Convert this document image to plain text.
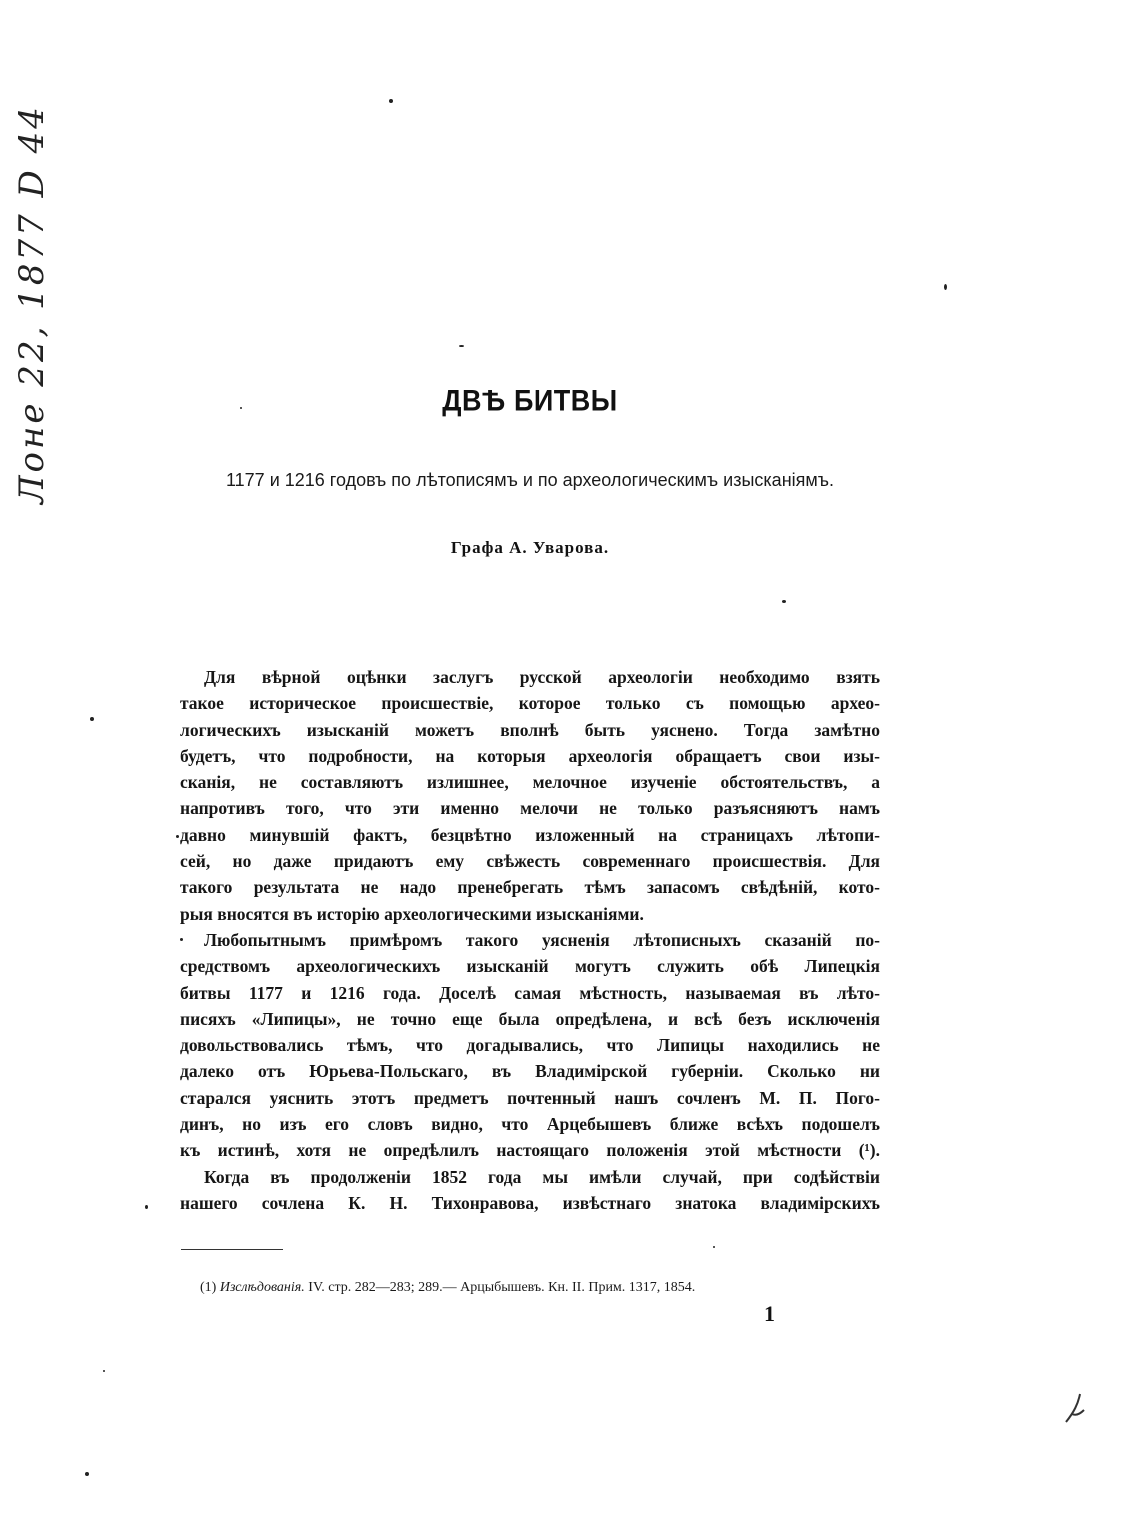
Лоне 22, 1877 D 44	ДВѢ БИТВЫ
1177 и 1216 годовъ по лѣтописямъ и по археологическимъ изысканіямъ.
Графа А. Уварова.
Для вѣрной оцѣнки заслугъ русской археологіи необходимо взять
такое историческое происшествіе, которое только съ помощью архео-
логическихъ изысканій можетъ вполнѣ быть уяснено. Тогда замѣтно
будетъ, что подробности, на которыя археологія обращаетъ свои изы-
сканія, не составляютъ излишнее, мелочное изученіе обстоятельствъ, а
напротивъ того, что эти именно мелочи не только разъясняютъ намъ
давно минувшій фактъ, безцвѣтно изложенный на страницахъ лѣтопи-
сей, но даже придаютъ ему свѣжесть современнаго происшествія. Для
такого результата не надо пренебрегать тѣмъ запасомъ свѣдѣній, кото-
рыя вносятся въ исторію археологическими изысканіями.
Любопытнымъ примѣромъ такого уясненія лѣтописныхъ сказаній по-
средствомъ археологическихъ изысканій могутъ служить обѣ Липецкія
битвы 1177 и 1216 года. Доселѣ самая мѣстность, называемая въ лѣто-
писяхъ «Липицы», не точно еще была опредѣлена, и всѣ безъ исключенія
довольствовались тѣмъ, что догадывались, что Липицы находились не
далеко отъ Юрьева-Польскаго, въ Владимірской губерніи. Сколько ни
старался уяснить этотъ предметъ почтенный нашъ сочленъ М. П. Пого-
динъ, но изъ его словъ видно, что Арцебышевъ ближе всѣхъ подошелъ
къ истинѣ, хотя не опредѣлилъ настоящаго положенія этой мѣстности (¹).
Когда въ продолженіи 1852 года мы имѣли случай, при содѣйствіи
нашего сочлена К. Н. Тихонравова, извѣстнаго знатока владимірскихъ
(1) Изслѣдованія. IV. стр. 282—283; 289.— Арцыбышевъ. Кн. II. Прим. 1317, 1854.
1
